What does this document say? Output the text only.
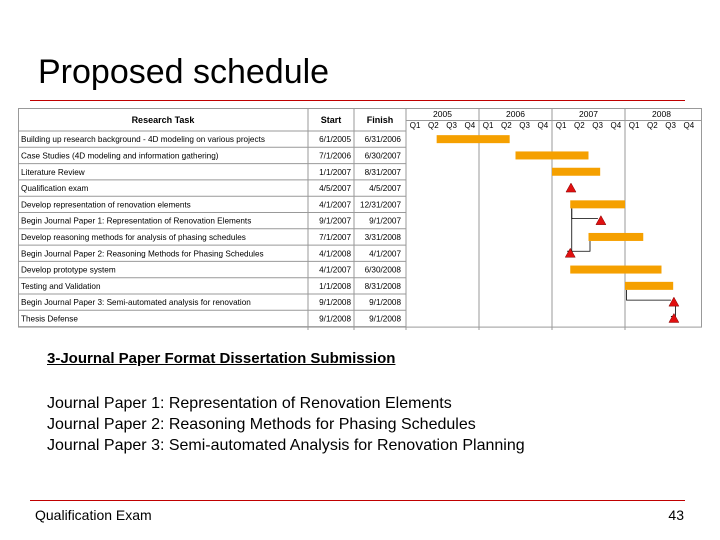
Proposed schedule
Research Task	Start	Finish
2005
Q1 Q2 Q3 Q4
2006
Q1 Q2 Q3 Q4
2007
Q1 Q2 Q3 Q4
2008
Q1 Q2 Q3 Q4
Building up research background - 4D modeling on various projects	6/1/2005 6/31/2006
Case Studies (4D modeling and information gathering)	7/1/2006 6/30/2007
Literature Review	1/1/2007 8/31/2007
Qualification exam	4/5/2007 4/5/2007
Develop representation of renovation elements	4/1/2007 12/31/2007
Begin Journal Paper 1: Representation of Renovation Elements	9/1/2007 9/1/2007
Develop reasoning methods for analysis of phasing schedules	7/1/2007 3/31/2008
Begin Journal Paper 2: Reasoning Methods for Phasing Schedules	4/1/2008 4/1/2007
Develop prototype system	4/1/2007 6/30/2008
Testing and Validation	1/1/2008 8/31/2008
Begin Journal Paper 3: Semi-automated analysis for renovation	9/1/2008 9/1/2008
Thesis Defense	9/1/2008 9/1/2008

3-Journal Paper Format Dissertation Submission

Journal Paper 1: Representation of Renovation Elements
Journal Paper 2: Reasoning Methods for Phasing Schedules
Journal Paper 3: Semi-automated Analysis for Renovation Planning
Qualification Exam	43
